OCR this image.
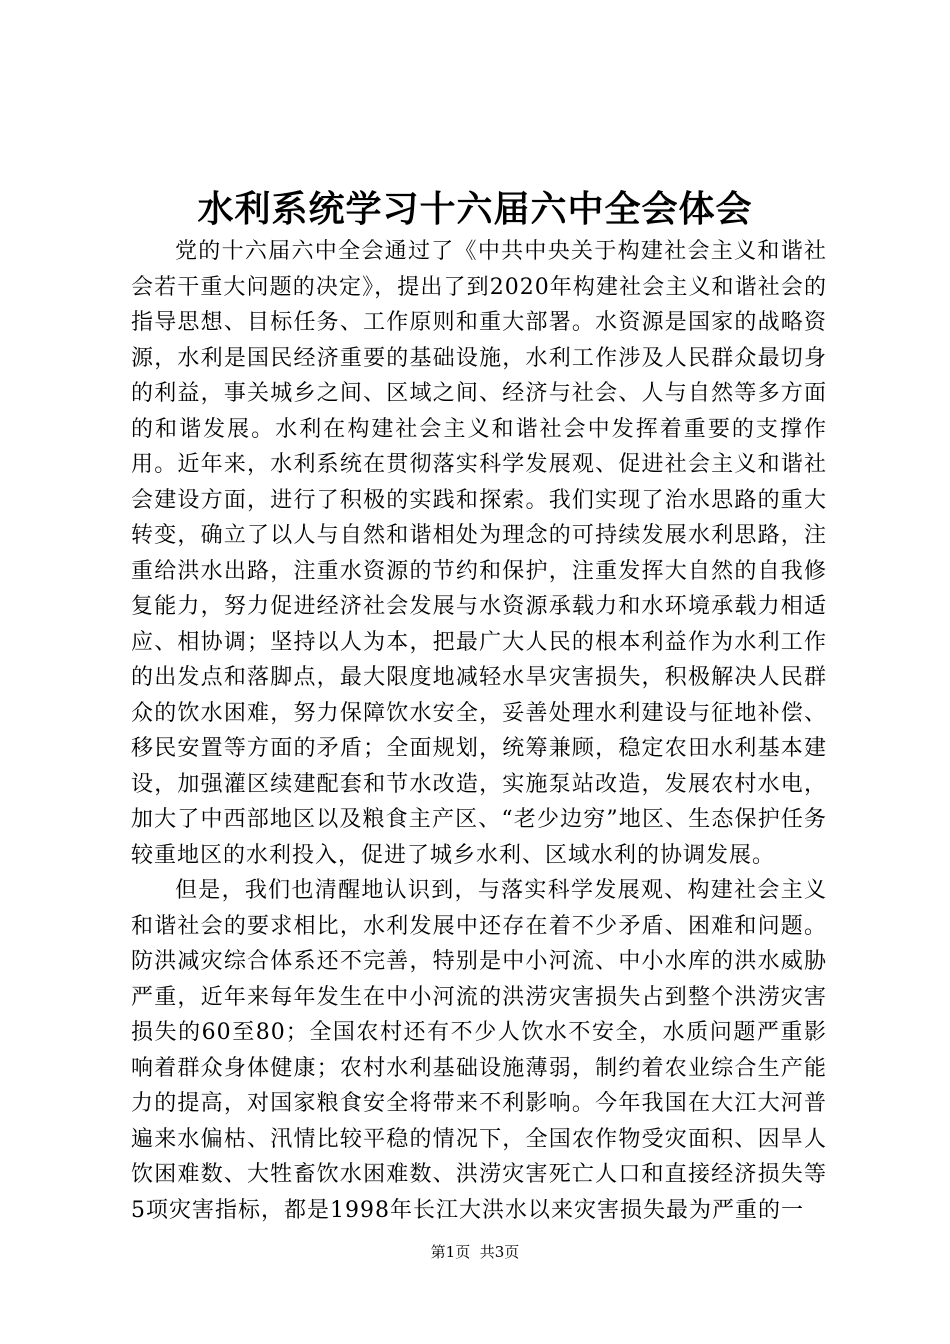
水利系统学习十六届六中全会体会

党的十六届六中全会通过了《中共中央关于构建社会主义和谐社会若干重大问题的决定》，提出了到2020年构建社会主义和谐社会的指导思想、目标任务、工作原则和重大部署。水资源是国家的战略资源，水利是国民经济重要的基础设施，水利工作涉及人民群众最切身的利益，事关城乡之间、区域之间、经济与社会、人与自然等多方面的和谐发展。水利在构建社会主义和谐社会中发挥着重要的支撑作用。近年来，水利系统在贯彻落实科学发展观、促进社会主义和谐社会建设方面，进行了积极的实践和探索。我们实现了治水思路的重大转变，确立了以人与自然和谐相处为理念的可持续发展水利思路，注重给洪水出路，注重水资源的节约和保护，注重发挥大自然的自我修复能力，努力促进经济社会发展与水资源承载力和水环境承载力相适应、相协调；坚持以人为本，把最广大人民的根本利益作为水利工作的出发点和落脚点，最大限度地减轻水旱灾害损失，积极解决人民群众的饮水困难，努力保障饮水安全，妥善处理水利建设与征地补偿、移民安置等方面的矛盾；全面规划，统筹兼顾，稳定农田水利基本建设，加强灌区续建配套和节水改造，实施泵站改造，发展农村水电，加大了中西部地区以及粮食主产区、“老少边穷”地区、生态保护任务较重地区的水利投入，促进了城乡水利、区域水利的协调发展。

但是，我们也清醒地认识到，与落实科学发展观、构建社会主义和谐社会的要求相比，水利发展中还存在着不少矛盾、困难和问题。防洪减灾综合体系还不完善，特别是中小河流、中小水库的洪水威胁严重，近年来每年发生在中小河流的洪涝灾害损失占到整个洪涝灾害损失的60至80；全国农村还有不少人饮水不安全，水质问题严重影响着群众身体健康；农村水利基础设施薄弱，制约着农业综合生产能力的提高，对国家粮食安全将带来不利影响。今年我国在大江大河普遍来水偏枯、汛情比较平稳的情况下，全国农作物受灾面积、因旱人饮困难数、大牲畜饮水困难数、洪涝灾害死亡人口和直接经济损失等5项灾害指标，都是1998年长江大洪水以来灾害损失最为严重的一

第1页 共3页
